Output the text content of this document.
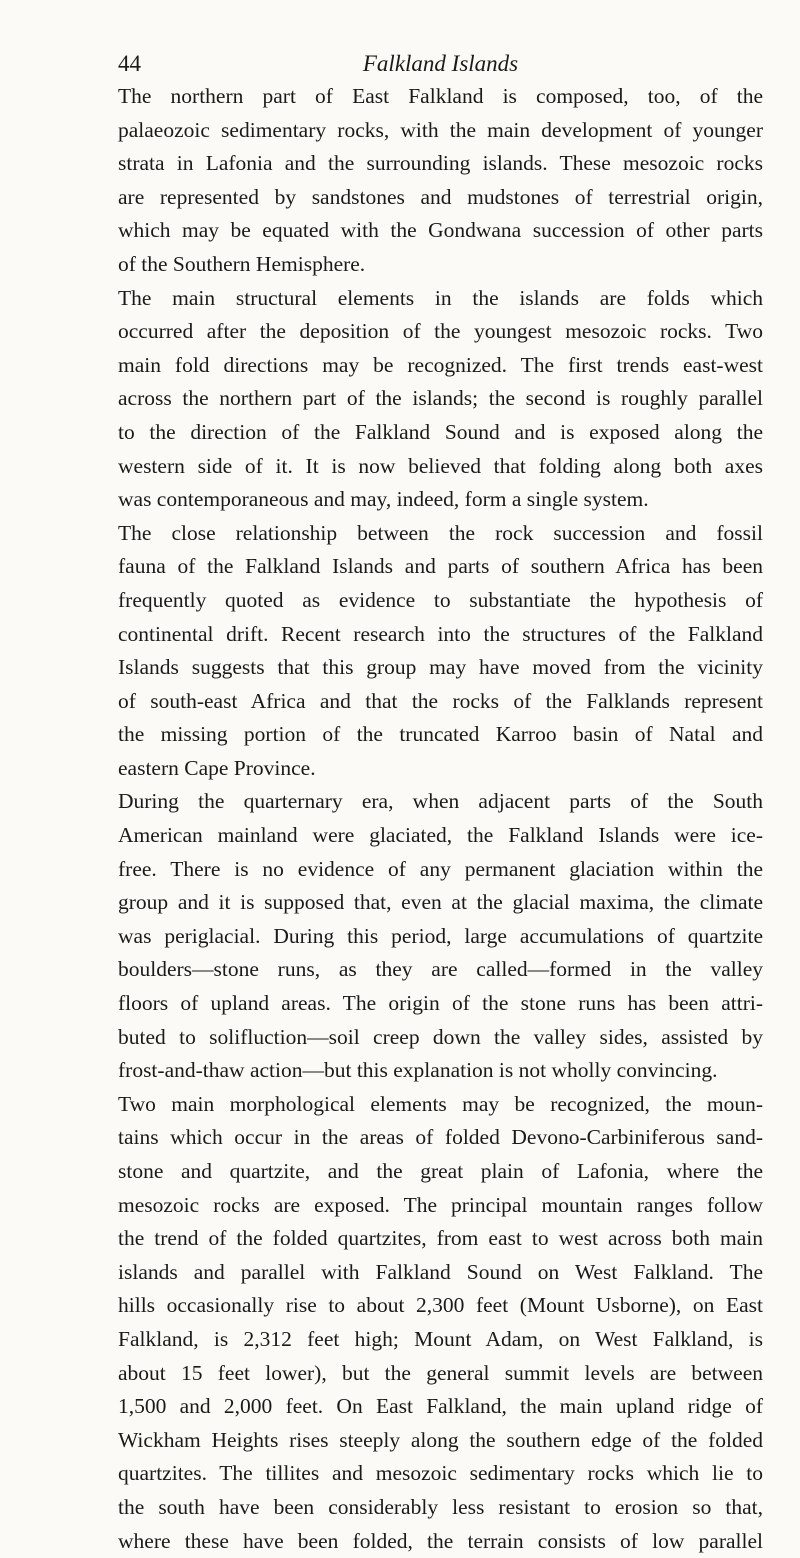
44	Falkland Islands
The northern part of East Falkland is composed, too, of the
palaeozoic sedimentary rocks, with the main development of younger
strata in Lafonia and the surrounding islands. These mesozoic rocks
are represented by sandstones and mudstones of terrestrial origin,
which may be equated with the Gondwana succession of other parts
of the Southern Hemisphere.
The main structural elements in the islands are folds which
occurred after the deposition of the youngest mesozoic rocks. Two
main fold directions may be recognized. The first trends east-west
across the northern part of the islands; the second is roughly parallel
to the direction of the Falkland Sound and is exposed along the
western side of it. It is now believed that folding along both axes
was contemporaneous and may, indeed, form a single system.
The close relationship between the rock succession and fossil
fauna of the Falkland Islands and parts of southern Africa has been
frequently quoted as evidence to substantiate the hypothesis of
continental drift. Recent research into the structures of the Falkland
Islands suggests that this group may have moved from the vicinity
of south-east Africa and that the rocks of the Falklands represent
the missing portion of the truncated Karroo basin of Natal and
eastern Cape Province.
During the quarternary era, when adjacent parts of the South
American mainland were glaciated, the Falkland Islands were ice-
free. There is no evidence of any permanent glaciation within the
group and it is supposed that, even at the glacial maxima, the climate
was periglacial. During this period, large accumulations of quartzite
boulders—stone runs, as they are called—formed in the valley
floors of upland areas. The origin of the stone runs has been attri-
buted to solifluction—soil creep down the valley sides, assisted by
frost-and-thaw action—but this explanation is not wholly convincing.
Two main morphological elements may be recognized, the moun-
tains which occur in the areas of folded Devono-Carbiniferous sand-
stone and quartzite, and the great plain of Lafonia, where the
mesozoic rocks are exposed. The principal mountain ranges follow
the trend of the folded quartzites, from east to west across both main
islands and parallel with Falkland Sound on West Falkland. The
hills occasionally rise to about 2,300 feet (Mount Usborne), on East
Falkland, is 2,312 feet high; Mount Adam, on West Falkland, is
about 15 feet lower), but the general summit levels are between
1,500 and 2,000 feet. On East Falkland, the main upland ridge of
Wickham Heights rises steeply along the southern edge of the folded
quartzites. The tillites and mesozoic sedimentary rocks which lie to
the south have been considerably less resistant to erosion so that,
where these have been folded, the terrain consists of low parallel
